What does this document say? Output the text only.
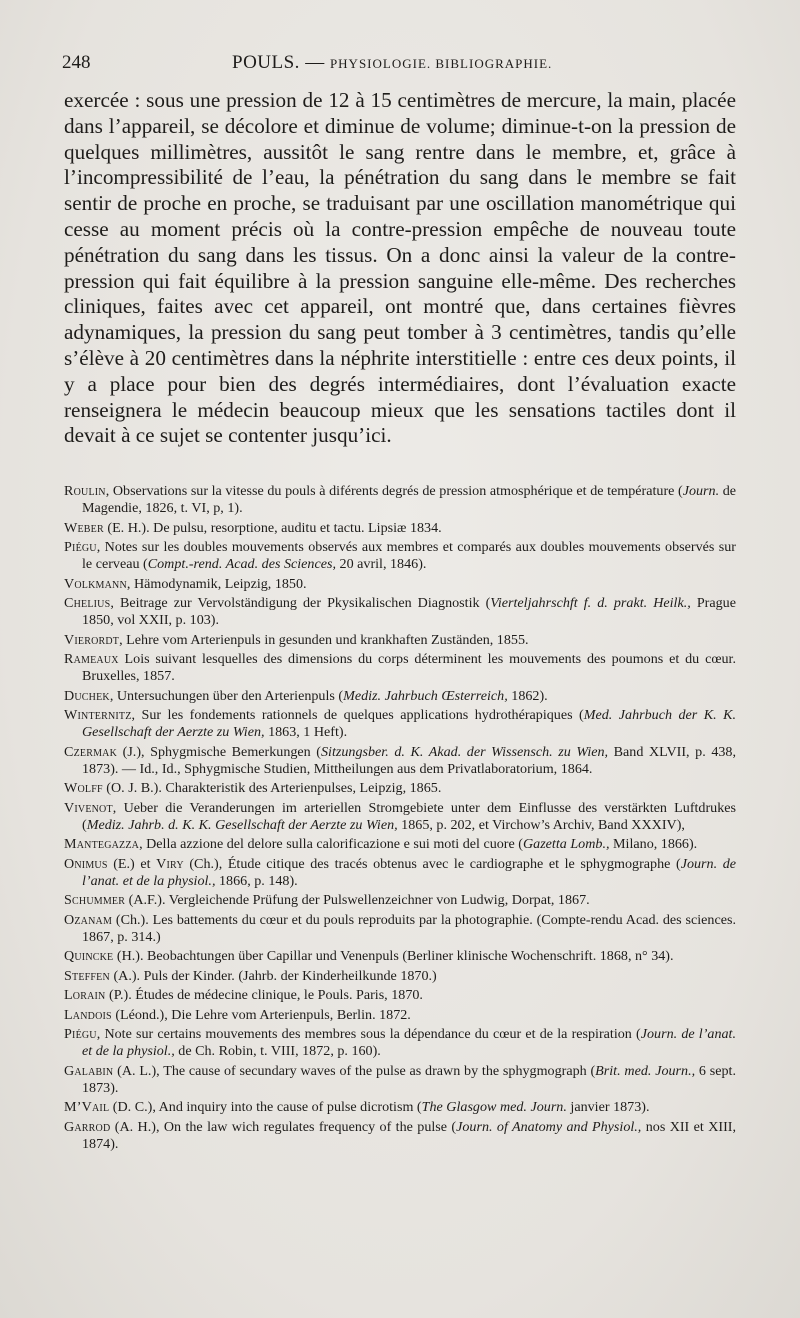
248	POULS. — PHYSIOLOGIE. BIBLIOGRAPHIE.

exercée : sous une pression de 12 à 15 centimètres de mercure, la main, placée dans l’appareil, se décolore et diminue de volume; diminue-t-on la pression de quelques millimètres, aussitôt le sang rentre dans le membre, et, grâce à l’incompressibilité de l’eau, la pénétration du sang dans le membre se fait sentir de proche en proche, se traduisant par une oscillation manométrique qui cesse au moment précis où la contre-pression empêche de nouveau toute pénétration du sang dans les tissus. On a donc ainsi la valeur de la contre-pression qui fait équilibre à la pression sanguine elle-même. Des recherches cliniques, faites avec cet appareil, ont montré que, dans certaines fièvres adynamiques, la pression du sang peut tomber à 3 centimètres, tandis qu’elle s’élève à 20 centimètres dans la néphrite interstitielle : entre ces deux points, il y a place pour bien des degrés intermédiaires, dont l’évaluation exacte renseignera le médecin beaucoup mieux que les sensations tactiles dont il devait à ce sujet se contenter jusqu’ici.

Roulin, Observations sur la vitesse du pouls à diférents degrés de pression atmosphérique et de température (Journ. de Magendie, 1826, t. VI, p, 1).
Weber (E. H.). De pulsu, resorptione, auditu et tactu. Lipsiæ 1834.
Piégu, Notes sur les doubles mouvements observés aux membres et comparés aux doubles mouvements observés sur le cerveau (Compt.-rend. Acad. des Sciences, 20 avril, 1846).
Volkmann, Hämodynamik, Leipzig, 1850.
Chelius, Beitrage zur Vervolständigung der Pkysikalischen Diagnostik (Vierteljahrschft f. d. prakt. Heilk., Prague 1850, vol XXII, p. 103).
Vierordt, Lehre vom Arterienpuls in gesunden und krankhaften Zuständen, 1855.
Rameaux Lois suivant lesquelles des dimensions du corps déterminent les mouvements des poumons et du cœur. Bruxelles, 1857.
Duchek, Untersuchungen über den Arterienpuls (Mediz. Jahrbuch Œsterreich, 1862).
Winternitz, Sur les fondements rationnels de quelques applications hydrothérapiques (Med. Jahrbuch der K. K. Gesellschaft der Aerzte zu Wien, 1863, 1 Heft).
Czermak (J.), Sphygmische Bemerkungen (Sitzungsber. d. K. Akad. der Wissensch. zu Wien, Band XLVII, p. 438, 1873). — Id., Id., Sphygmische Studien, Mittheilungen aus dem Privatlaboratorium, 1864.
Wolff (O. J. B.). Charakteristik des Arterienpulses, Leipzig, 1865.
Vivenot, Ueber die Veranderungen im arteriellen Stromgebiete unter dem Einflusse des verstärkten Luftdrukes (Mediz. Jahrb. d. K. K. Gesellschaft der Aerzte zu Wien, 1865, p. 202, et Virchow’s Archiv, Band XXXIV),
Mantegazza, Della azzione del delore sulla calorificazione e sui moti del cuore (Gazetta Lomb., Milano, 1866).
Onimus (E.) et Viry (Ch.), Étude citique des tracés obtenus avec le cardiographe et le sphygmographe (Journ. de l’anat. et de la physiol., 1866, p. 148).
Schummer (A.F.). Vergleichende Prüfung der Pulswellenzeichner von Ludwig, Dorpat, 1867.
Ozanam (Ch.). Les battements du cœur et du pouls reproduits par la photographie. (Compte-rendu Acad. des sciences. 1867, p. 314.)
Quincke (H.). Beobachtungen über Capillar und Venenpuls (Berliner klinische Wochenschrift. 1868, n° 34).
Steffen (A.). Puls der Kinder. (Jahrb. der Kinderheilkunde 1870.)
Lorain (P.). Études de médecine clinique, le Pouls. Paris, 1870.
Landois (Léond.), Die Lehre vom Arterienpuls, Berlin. 1872.
Piégu, Note sur certains mouvements des membres sous la dépendance du cœur et de la respiration (Journ. de l’anat. et de la physiol., de Ch. Robin, t. VIII, 1872, p. 160).
Galabin (A. L.), The cause of secundary waves of the pulse as drawn by the sphygmograph (Brit. med. Journ., 6 sept. 1873).
M’Vail (D. C.), And inquiry into the cause of pulse dicrotism (The Glasgow med. Journ. janvier 1873).
Garrod (A. H.), On the law wich regulates frequency of the pulse (Journ. of Anatomy and Physiol., nos XII et XIII, 1874).
